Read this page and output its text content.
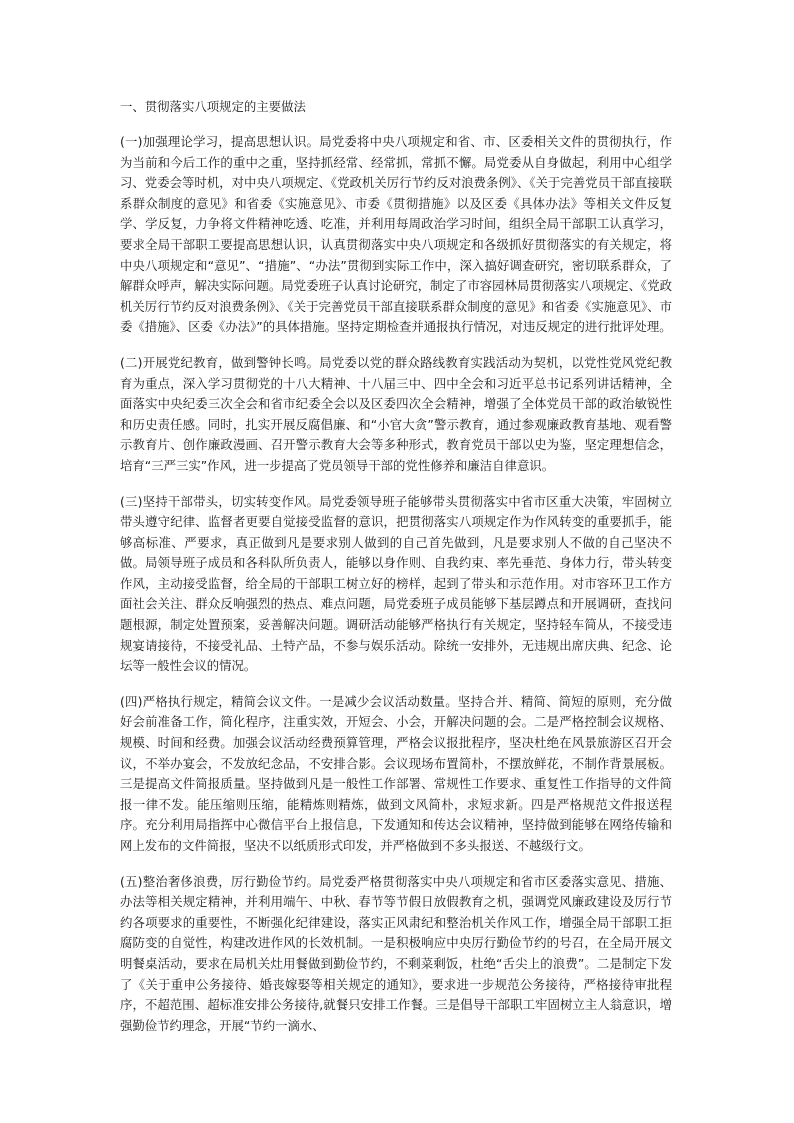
一、贯彻落实八项规定的主要做法

(一)加强理论学习，提高思想认识。局党委将中央八项规定和省、市、区委相关文件的贯彻执行，作为当前和今后工作的重中之重，坚持抓经常、经常抓，常抓不懈。局党委从自身做起，利用中心组学习、党委会等时机，对中央八项规定、《党政机关厉行节约反对浪费条例》、《关于完善党员干部直接联系群众制度的意见》和省委《实施意见》、市委《贯彻措施》以及区委《具体办法》等相关文件反复学、学反复，力争将文件精神吃透、吃准，并利用每周政治学习时间，组织全局干部职工认真学习，要求全局干部职工要提高思想认识，认真贯彻落实中央八项规定和各级抓好贯彻落实的有关规定，将中央八项规定和“意见”、“措施”、“办法”贯彻到实际工作中，深入搞好调查研究，密切联系群众，了解群众呼声，解决实际问题。局党委班子认真讨论研究，制定了市容园林局贯彻落实八项规定、《党政机关厉行节约反对浪费条例》、《关于完善党员干部直接联系群众制度的意见》和省委《实施意见》、市委《措施》、区委《办法》”的具体措施。坚持定期检查并通报执行情况，对违反规定的进行批评处理。

(二)开展党纪教育，做到警钟长鸣。局党委以党的群众路线教育实践活动为契机，以党性党风党纪教育为重点，深入学习贯彻党的十八大精神、十八届三中、四中全会和习近平总书记系列讲话精神，全面落实中央纪委三次全会和省市纪委全会以及区委四次全会精神，增强了全体党员干部的政治敏锐性和历史责任感。同时，扎实开展反腐倡廉、和“小官大贪”警示教育，通过参观廉政教育基地、观看警示教育片、创作廉政漫画、召开警示教育大会等多种形式，教育党员干部以史为鉴，坚定理想信念，培育“三严三实”作风，进一步提高了党员领导干部的党性修养和廉洁自律意识。

(三)坚持干部带头，切实转变作风。局党委领导班子能够带头贯彻落实中省市区重大决策，牢固树立带头遵守纪律、监督者更要自觉接受监督的意识，把贯彻落实八项规定作为作风转变的重要抓手，能够高标准、严要求，真正做到凡是要求别人做到的自己首先做到，凡是要求别人不做的自己坚决不做。局领导班子成员和各科队所负责人，能够以身作则、自我约束、率先垂范、身体力行，带头转变作风，主动接受监督，给全局的干部职工树立好的榜样，起到了带头和示范作用。对市容环卫工作方面社会关注、群众反响强烈的热点、难点问题，局党委班子成员能够下基层蹲点和开展调研，查找问题根源，制定处置预案，妥善解决问题。调研活动能够严格执行有关规定，坚持轻车简从，不接受违规宴请接待，不接受礼品、土特产品，不参与娱乐活动。除统一安排外，无违规出席庆典、纪念、论坛等一般性会议的情况。

(四)严格执行规定，精简会议文件。一是减少会议活动数量。坚持合并、精简、简短的原则，充分做好会前准备工作，简化程序，注重实效，开短会、小会，开解决问题的会。二是严格控制会议规格、规模、时间和经费。加强会议活动经费预算管理，严格会议报批程序，坚决杜绝在风景旅游区召开会议，不举办宴会，不发放纪念品，不安排合影。会议现场布置简朴，不摆放鲜花，不制作背景展板。三是提高文件简报质量。坚持做到凡是一般性工作部署、常规性工作要求、重复性工作指导的文件简报一律不发。能压缩则压缩，能精炼则精炼，做到文风简朴，求短求新。四是严格规范文件报送程序。充分利用局指挥中心微信平台上报信息，下发通知和传达会议精神，坚持做到能够在网络传输和网上发布的文件简报，坚决不以纸质形式印发，并严格做到不多头报送、不越级行文。

(五)整治奢侈浪费，厉行勤俭节约。局党委严格贯彻落实中央八项规定和省市区委落实意见、措施、办法等相关规定精神，并利用端午、中秋、春节等节假日放假教育之机，强调党风廉政建设及厉行节约各项要求的重要性，不断强化纪律建设，落实正风肃纪和整治机关作风工作，增强全局干部职工拒腐防变的自觉性，构建改进作风的长效机制。一是积极响应中央厉行勤俭节约的号召，在全局开展文明餐桌活动，要求在局机关灶用餐做到勤俭节约，不剩菜剩饭，杜绝“舌尖上的浪费”。二是制定下发了《关于重申公务接待、婚丧嫁娶等相关规定的通知》，要求进一步规范公务接待，严格接待审批程序，不超范围、超标准安排公务接待,就餐只安排工作餐。三是倡导干部职工牢固树立主人翁意识，增强勤俭节约理念，开展“节约一滴水、
